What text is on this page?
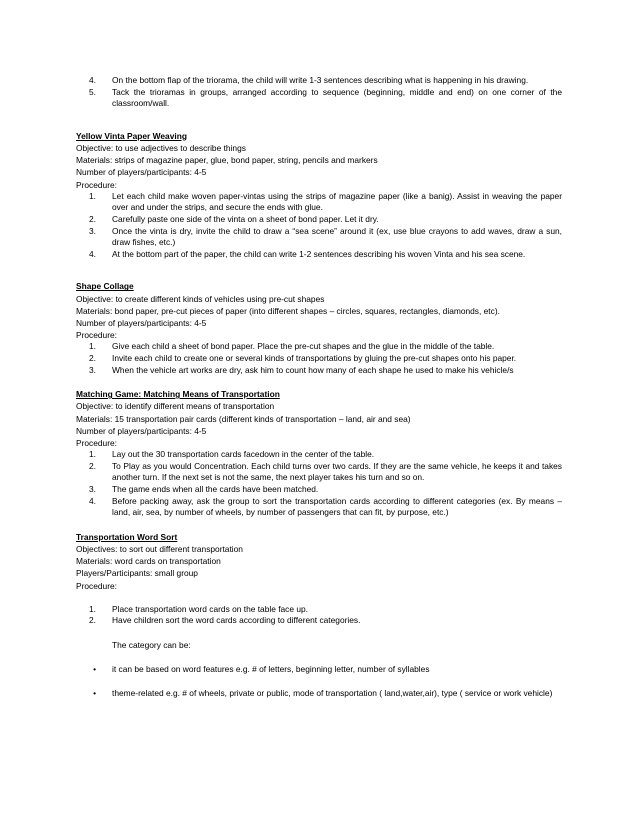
4.	On the bottom flap of the triorama, the child will write 1-3 sentences describing what is happening in his drawing.
5.	Tack the trioramas in groups, arranged according to sequence (beginning, middle and end) on one corner of the classroom/wall.
Yellow Vinta Paper Weaving
Objective: to use adjectives to describe things
Materials: strips of magazine paper, glue, bond paper, string, pencils and markers
Number of players/participants: 4-5
Procedure:
1.	Let each child make woven paper-vintas using the strips of magazine paper (like a banig). Assist in weaving the paper over and under the strips, and secure the ends with glue.
2.	Carefully paste one side of the vinta on a sheet of bond paper. Let it dry.
3.	Once the vinta is dry, invite the child to draw a “sea scene” around it (ex, use blue crayons to add waves, draw a sun, draw fishes, etc.)
4.	At the bottom part of the paper, the child can write 1-2 sentences describing his woven Vinta and his sea scene.
Shape Collage
Objective: to create different kinds of vehicles using pre-cut shapes
Materials: bond paper, pre-cut pieces of paper (into different shapes – circles, squares, rectangles, diamonds, etc).
Number of players/participants: 4-5
Procedure:
1.	Give each child a sheet of bond paper. Place the pre-cut shapes and the glue in the middle of the table.
2.	Invite each child to create one or several kinds of transportations by gluing the pre-cut shapes onto his paper.
3.	When the vehicle art works are dry, ask him to count how many of each shape he used to make his vehicle/s
Matching Game: Matching Means of Transportation
Objective: to identify different means of transportation
Materials: 15 transportation pair cards (different kinds of transportation – land, air and sea)
Number of players/participants: 4-5
Procedure:
1.	Lay out the 30 transportation cards facedown in the center of the table.
2.	To Play as you would Concentration. Each child turns over two cards. If they are the same vehicle, he keeps it and takes another turn. If the next set is not the same, the next player takes his turn and so on.
3.	The game ends when all the cards have been matched.
4.	Before packing away, ask the group to sort the transportation cards according to different categories (ex. By means – land, air, sea, by number of wheels, by number of passengers that can fit, by purpose, etc.)
Transportation Word Sort
Objectives: to sort out different transportation
Materials: word cards on transportation
Players/Participants: small group
Procedure:
1.	Place transportation word cards on the table face up.
2.	Have children sort the word cards according to different categories.
The category can be:
•	it can be based on word features e.g. # of letters, beginning letter, number of syllables
•	theme-related e.g. # of wheels, private or public, mode of transportation ( land,water,air), type ( service or work vehicle)
